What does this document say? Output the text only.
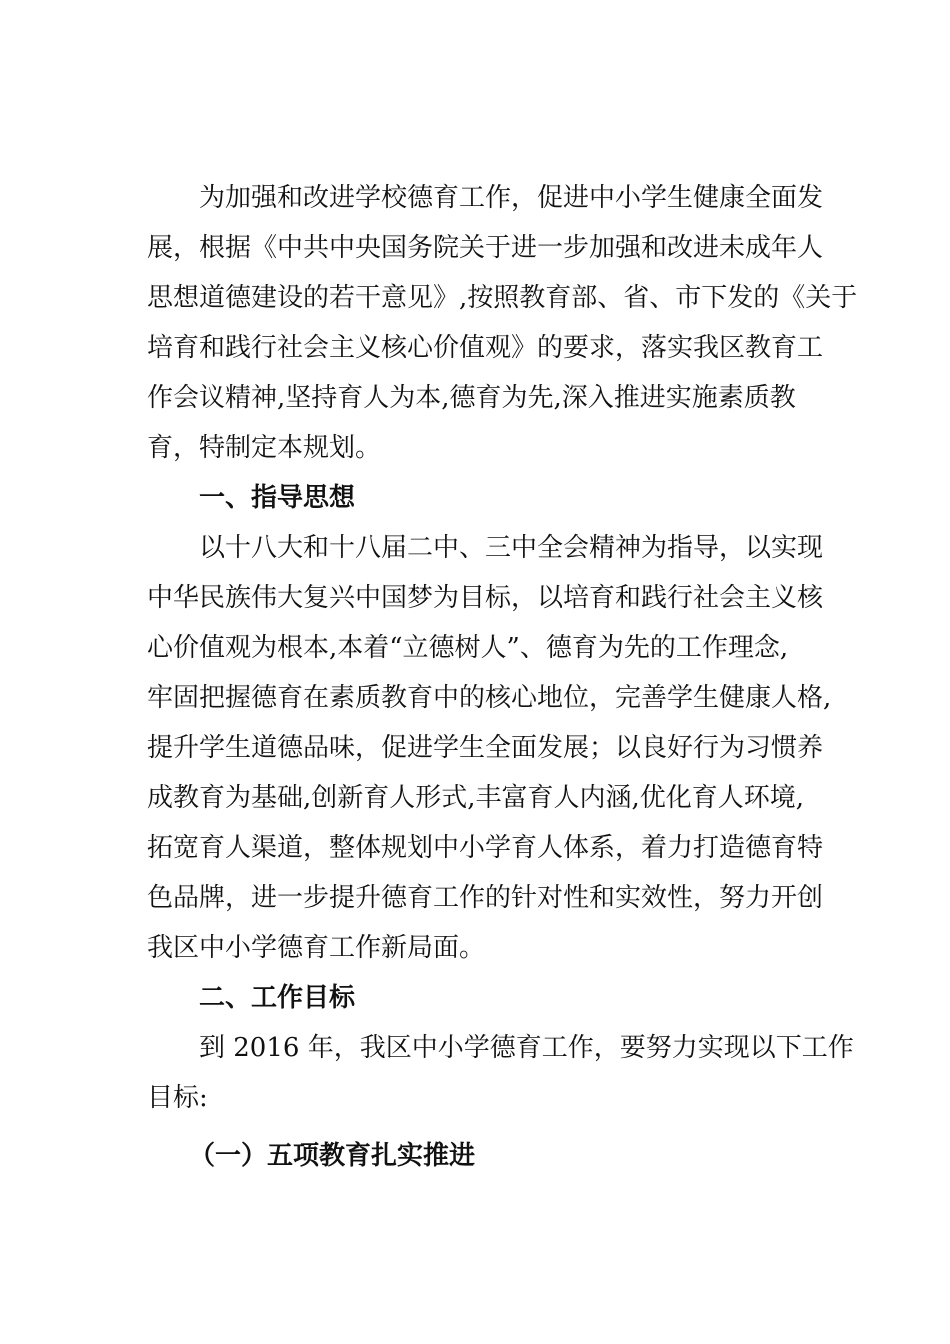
为加强和改进学校德育工作，促进中小学生健康全面发
展，根据《中共中央国务院关于进一步加强和改进未成年人
思想道德建设的若干意见》,按照教育部、省、市下发的《关于
培育和践行社会主义核心价值观》的要求，落实我区教育工
作会议精神,坚持育人为本,德育为先,深入推进实施素质教
育，特制定本规划。
一、指导思想
以十八大和十八届二中、三中全会精神为指导，以实现
中华民族伟大复兴中国梦为目标，以培育和践行社会主义核
心价值观为根本,本着“立德树人”、德育为先的工作理念,
牢固把握德育在素质教育中的核心地位，完善学生健康人格,
提升学生道德品味，促进学生全面发展；以良好行为习惯养
成教育为基础,创新育人形式,丰富育人内涵,优化育人环境,
拓宽育人渠道，整体规划中小学育人体系，着力打造德育特
色品牌，进一步提升德育工作的针对性和实效性，努力开创
我区中小学德育工作新局面。
二、工作目标
到 2016 年，我区中小学德育工作，要努力实现以下工作
目标:
（一）五项教育扎实推进
